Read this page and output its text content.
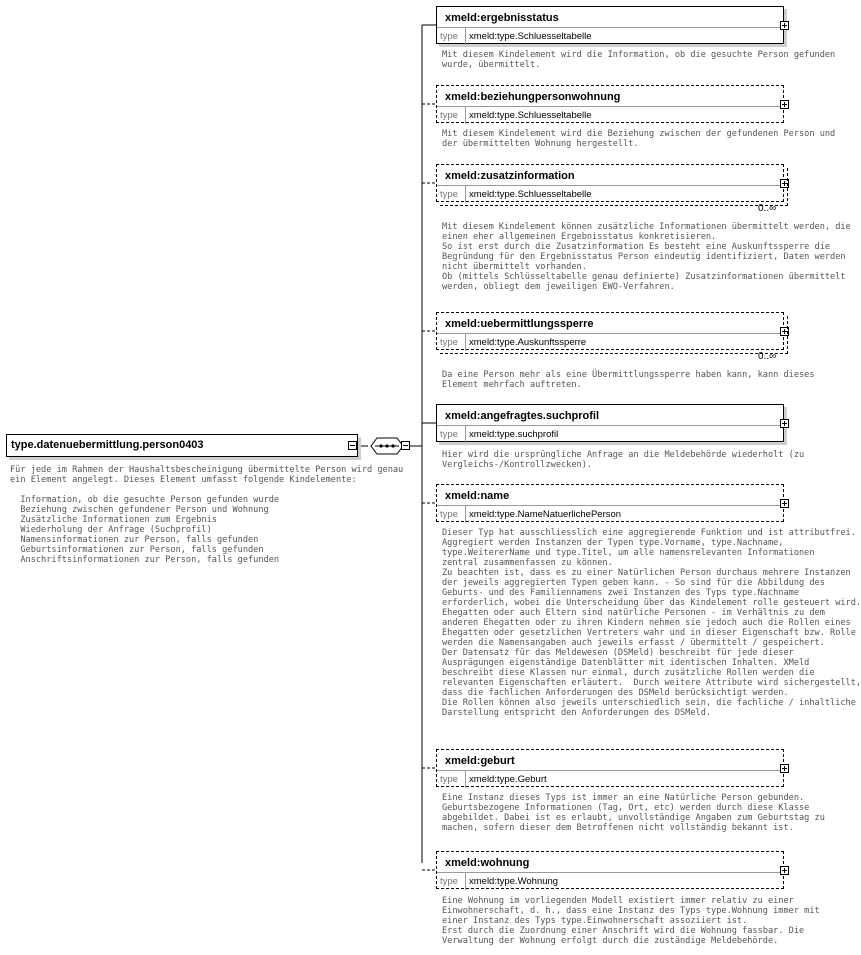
type.datenuebermittlung.person0403
Für jede im Rahmen der Haushaltsbescheinigung übermittelte Person wird genau
ein Element angelegt. Dieses Element umfasst folgende Kindelemente:

Information, ob die gesuchte Person gefunden wurde
Beziehung zwischen gefundener Person und Wohnung
Zusätzliche Informationen zum Ergebnis
Wiederholung der Anfrage (Suchprofil)
Namensinformationen zur Person, falls gefunden
Geburtsinformationen zur Person, falls gefunden
Anschriftsinformationen zur Person, falls gefunden
xmeld:ergebnisstatus
type xmeld:type.Schluesseltabelle
Mit diesem Kindelement wird die Information, ob die gesuchte Person gefunden
wurde, übermittelt.
xmeld:beziehungpersonwohnung
type xmeld:type.Schluesseltabelle
Mit diesem Kindelement wird die Beziehung zwischen der gefundenen Person und
der übermittelten Wohnung hergestellt.
xmeld:zusatzinformation
type xmeld:type.Schluesseltabelle
0..∞
Mit diesem Kindelement können zusätzliche Informationen übermittelt werden, die
einen eher allgemeinen Ergebnisstatus konkretisieren.
So ist erst durch die Zusatzinformation Es besteht eine Auskunftssperre die
Begründung für den Ergebnisstatus Person eindeutig identifiziert, Daten werden
nicht übermittelt vorhanden.
Ob (mittels Schlüsseltabelle genau definierte) Zusatzinformationen übermittelt
werden, obliegt dem jeweiligen EWO-Verfahren.
xmeld:uebermittlungssperre
type xmeld:type.Auskunftssperre
0..∞
Da eine Person mehr als eine Übermittlungssperre haben kann, kann dieses
Element mehrfach auftreten.
xmeld:angefragtes.suchprofil
type xmeld:type.suchprofil
Hier wird die ursprüngliche Anfrage an die Meldebehörde wiederholt (zu
Vergleichs-/Kontrollzwecken).
xmeld:name
type xmeld:type.NameNatuerlichePerson
Dieser Typ hat ausschliesslich eine aggregierende Funktion und ist attributfrei.
Aggregiert werden Instanzen der Typen type.Vorname, type.Nachname,
type.WeitererName und type.Titel, um alle namensrelevanten Informationen
zentral zusammenfassen zu können.
Zu beachten ist, dass es zu einer Natürlichen Person durchaus mehrere Instanzen
der jeweils aggregierten Typen geben kann. - So sind für die Abbildung des
Geburts- und des Familiennamens zwei Instanzen des Typs type.Nachname
erforderlich, wobei die Unterscheidung über das Kindelement rolle gesteuert wird.
Ehegatten oder auch Eltern sind natürliche Personen - im Verhältnis zu dem
anderen Ehegatten oder zu ihren Kindern nehmen sie jedoch auch die Rollen eines
Ehegatten oder gesetzlichen Vertreters wahr und in dieser Eigenschaft bzw. Rolle
werden die Namensangaben auch jeweils erfasst / übermittelt / gespeichert.
Der Datensatz für das Meldewesen (DSMeld) beschreibt für jede dieser
Ausprägungen eigenständige Datenblätter mit identischen Inhalten. XMeld
beschreibt diese Klassen nur einmal, durch zusätzliche Rollen werden die
relevanten Eigenschaften erläutert.  Durch weitere Attribute wird sichergestellt,
dass die fachlichen Anforderungen des DSMeld berücksichtigt werden.
Die Rollen können also jeweils unterschiedlich sein, die fachliche / inhaltliche
Darstellung entspricht den Anforderungen des DSMeld.
xmeld:geburt
type xmeld:type.Geburt
Eine Instanz dieses Typs ist immer an eine Natürliche Person gebunden.
Geburtsbezogene Informationen (Tag, Ort, etc) werden durch diese Klasse
abgebildet. Dabei ist es erlaubt, unvollständige Angaben zum Geburtstag zu
machen, sofern dieser dem Betroffenen nicht vollständig bekannt ist.
xmeld:wohnung
type xmeld:type.Wohnung
Eine Wohnung im vorliegenden Modell existiert immer relativ zu einer
Einwohnerschaft, d. h., dass eine Instanz des Typs type.Wohnung immer mit
einer Instanz des Typs type.Einwohnerschaft assoziiert ist.
Erst durch die Zuordnung einer Anschrift wird die Wohnung fassbar. Die
Verwaltung der Wohnung erfolgt durch die zuständige Meldebehörde.
